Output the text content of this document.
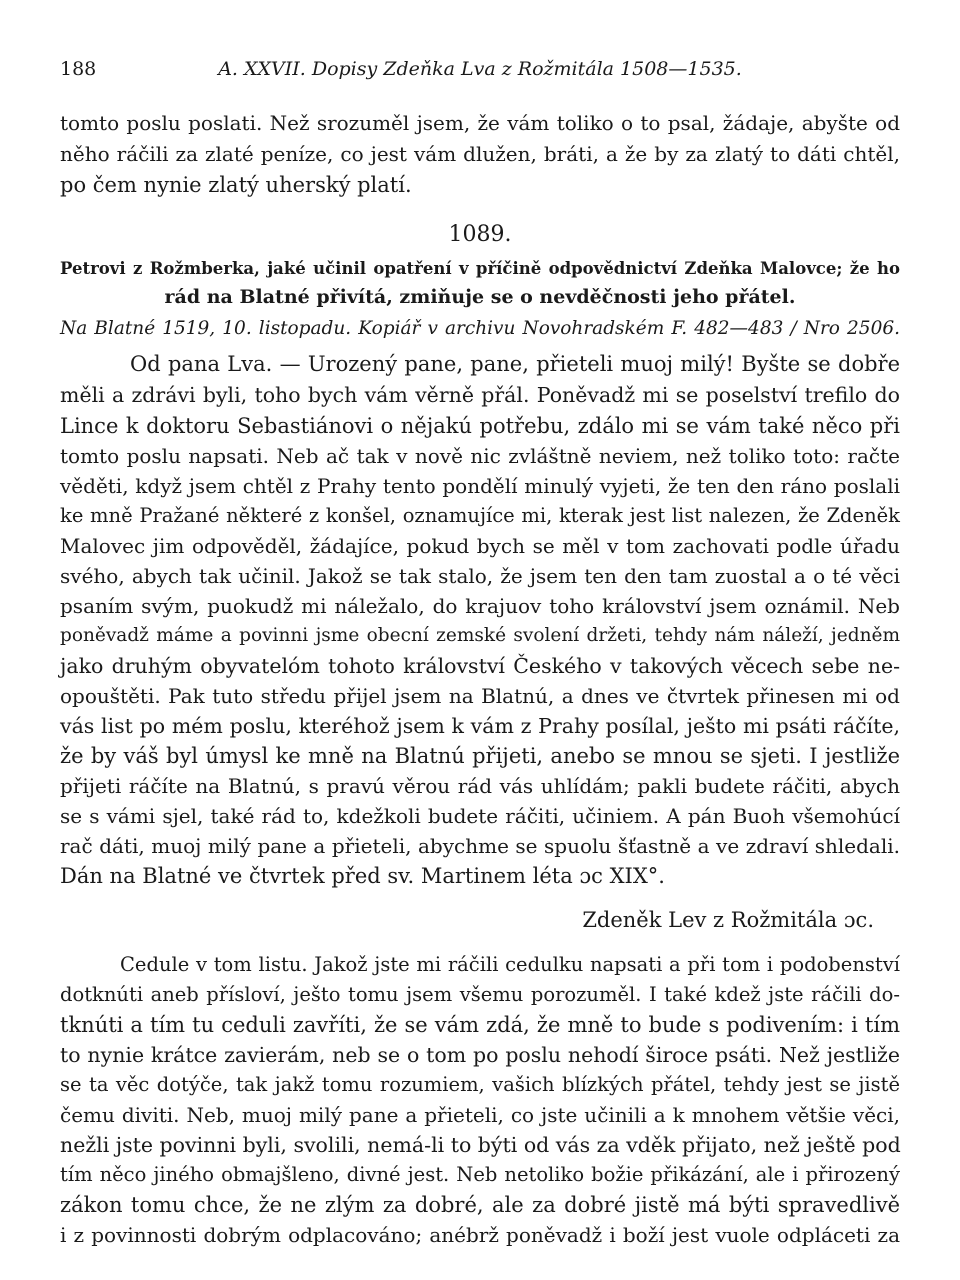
188	A. XXVII. Dopisy Zdeňka Lva z Rožmitála 1508—1535.
tomto poslu poslati. Než srozuměl jsem, že vám toliko o to psal, žádaje, abyšte od
něho ráčili za zlaté peníze, co jest vám dlužen, bráti, a že by za zlatý to dáti chtěl,
po čem nynie zlatý uherský platí.
1089.
Petrovi z Rožmberka, jaké učinil opatření v příčině odpovědnictví Zdeňka Malovce; že ho
rád na Blatné přivítá, zmiňuje se o nevděčnosti jeho přátel.
Na Blatné 1519, 10. listopadu. Kopiář v archivu Novohradském F. 482—483 / Nro 2506.
Od pana Lva. — Urozený pane, pane, přieteli muoj milý! Byšte se dobře
měli a zdrávi byli, toho bych vám věrně přál. Poněvadž mi se poselství trefilo do
Lince k doktoru Sebastiánovi o nějakú potřebu, zdálo mi se vám také něco při
tomto poslu napsati. Neb ač tak v nově nic zvláštně neviem, než toliko toto: račte
věděti, když jsem chtěl z Prahy tento pondělí minulý vyjeti, že ten den ráno poslali
ke mně Pražané některé z konšel, oznamujíce mi, kterak jest list nalezen, že Zdeněk
Malovec jim odpověděl, žádajíce, pokud bych se měl v tom zachovati podle úřadu
svého, abych tak učinil. Jakož se tak stalo, že jsem ten den tam zuostal a o té věci
psaním svým, puokudž mi náležalo, do krajuov toho království jsem oznámil. Neb
poněvadž máme a povinni jsme obecní zemské svolení držeti, tehdy nám náleží, jedněm
jako druhým obyvatelóm tohoto království Českého v takových věcech sebe ne-
opouštěti. Pak tuto středu přijel jsem na Blatnú, a dnes ve čtvrtek přinesen mi od
vás list po mém poslu, kteréhož jsem k vám z Prahy posílal, ješto mi psáti ráčíte,
že by váš byl úmysl ke mně na Blatnú přijeti, anebo se mnou se sjeti. I jestliže
přijeti ráčíte na Blatnú, s pravú věrou rád vás uhlídám; pakli budete ráčiti, abych
se s vámi sjel, také rád to, kdežkoli budete ráčiti, učiniem. A pán Buoh všemohúcí
rač dáti, muoj milý pane a přieteli, abychme se spuolu šťastně a ve zdraví shledali.
Dán na Blatné ve čtvrtek před sv. Martinem léta ɔc XIX°.
Zdeněk Lev z Rožmitála ɔc.
Cedule v tom listu. Jakož jste mi ráčili cedulku napsati a při tom i podobenství
dotknúti aneb přísloví, ješto tomu jsem všemu porozuměl. I také kdež jste ráčili do-
tknúti a tím tu ceduli zavříti, že se vám zdá, že mně to bude s podivením: i tím
to nynie krátce zavierám, neb se o tom po poslu nehodí široce psáti. Než jestliže
se ta věc dotýče, tak jakž tomu rozumiem, vašich blízkých přátel, tehdy jest se jistě
čemu diviti. Neb, muoj milý pane a přieteli, co jste učinili a k mnohem většie věci,
nežli jste povinni byli, svolili, nemá-li to býti od vás za vděk přijato, než ještě pod
tím něco jiného obmajšleno, divné jest. Neb netoliko božie přikázání, ale i přirozený
zákon tomu chce, že ne zlým za dobré, ale za dobré jistě má býti spravedlivě
i z povinnosti dobrým odplacováno; anébrž poněvadž i boží jest vuole odpláceti za
